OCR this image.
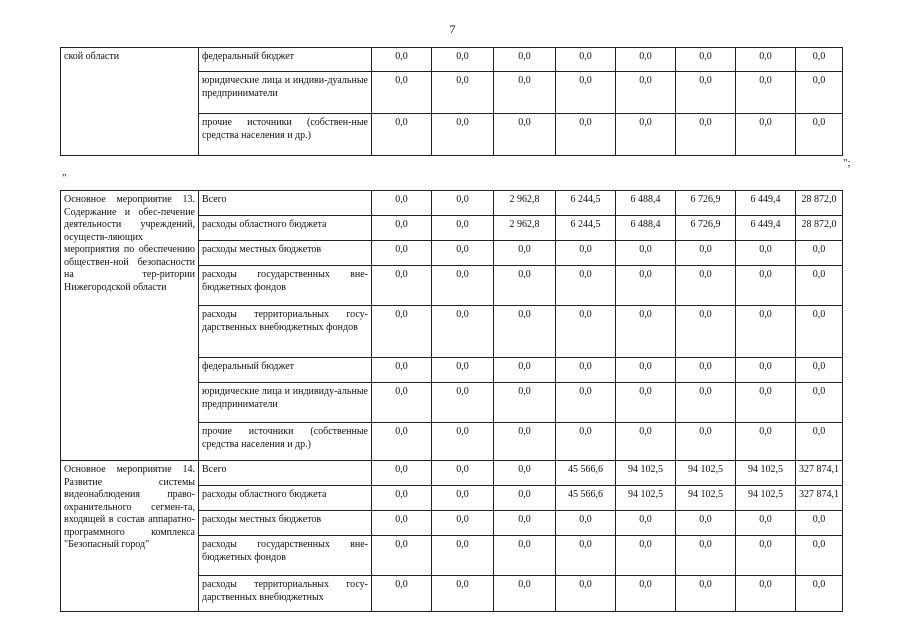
7
ской области	федеральный бюджет	0,0	0,0	0,0	0,0	0,0	0,0	0,0	0,0
	юридические лица и индиви-дуальные предприниматели	0,0	0,0	0,0	0,0	0,0	0,0	0,0	0,0
	прочие источники (собствен-ные средства населения и др.)	0,0	0,0	0,0	0,0	0,0	0,0	0,0	0,0
";
"
Основное мероприятие 13. Содержание и обес-печение деятельности учреждений, осуществ-ляющих мероприятия по обеспечению обществен-ной безопасности на тер-ритории Нижегородской области	Всего	0,0	0,0	2 962,8	6 244,5	6 488,4	6 726,9	6 449,4	28 872,0
	расходы областного бюджета	0,0	0,0	2 962,8	6 244,5	6 488,4	6 726,9	6 449,4	28 872,0
	расходы местных бюджетов	0,0	0,0	0,0	0,0	0,0	0,0	0,0	0,0
	расходы государственных вне-бюджетных фондов	0,0	0,0	0,0	0,0	0,0	0,0	0,0	0,0
	расходы территориальных госу-дарственных внебюджетных фондов	0,0	0,0	0,0	0,0	0,0	0,0	0,0	0,0
	федеральный бюджет	0,0	0,0	0,0	0,0	0,0	0,0	0,0	0,0
	юридические лица и индивиду-альные предприниматели	0,0	0,0	0,0	0,0	0,0	0,0	0,0	0,0
	прочие источники (собственные средства населения и др.)	0,0	0,0	0,0	0,0	0,0	0,0	0,0	0,0
Основное мероприятие 14. Развитие системы видеонаблюдения право-охранительного сегмен-та, входящей в состав аппаратно-программного комплекса "Безопасный город"	Всего	0,0	0,0	0,0	45 566,6	94 102,5	94 102,5	94 102,5	327 874,1
	расходы областного бюджета	0,0	0,0	0,0	45 566,6	94 102,5	94 102,5	94 102,5	327 874,1
	расходы местных бюджетов	0,0	0,0	0,0	0,0	0,0	0,0	0,0	0,0
	расходы государственных вне-бюджетных фондов	0,0	0,0	0,0	0,0	0,0	0,0	0,0	0,0
	расходы территориальных госу-дарственных внебюджетных	0,0	0,0	0,0	0,0	0,0	0,0	0,0	0,0
